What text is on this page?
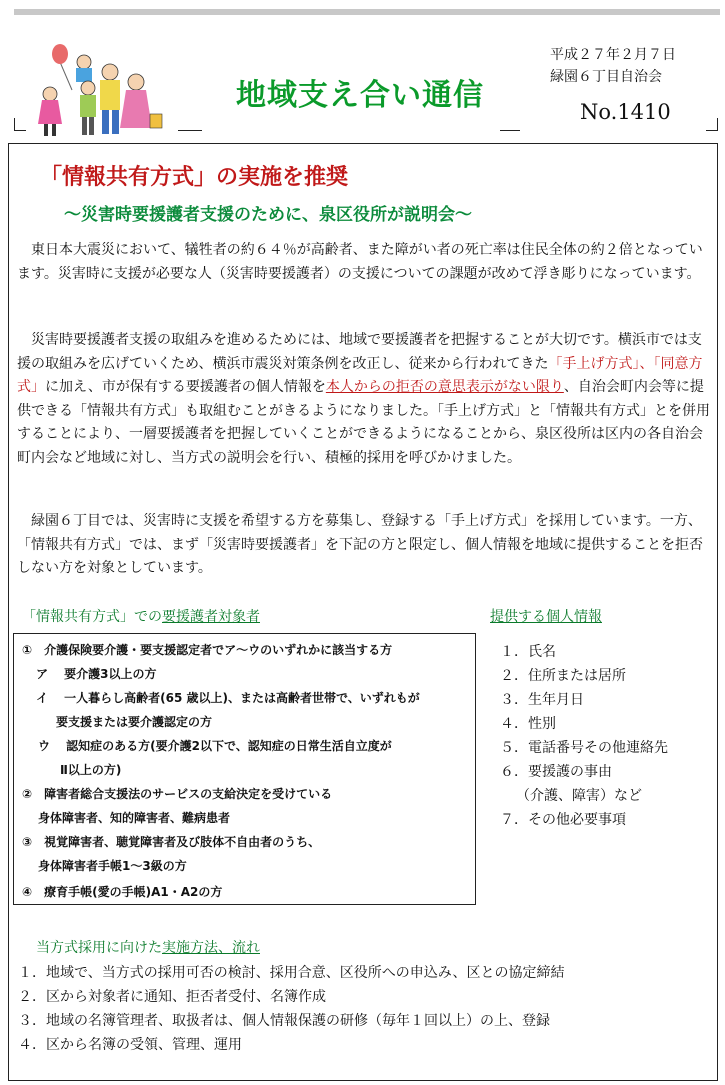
地域支え合い通信
平成２７年２月７日
緑園６丁目自治会
No.1410
「情報共有方式」の実施を推奨
～災害時要援護者支援のために、泉区役所が説明会～

東日本大震災において、犠牲者の約６４％が高齢者、また障がい者の死亡率は住民全体の約２倍となっています。災害時に支援が必要な人（災害時要援護者）の支援についての課題が改めて浮き彫りになっています。

災害時要援護者支援の取組みを進めるためには、地域で要援護者を把握することが大切です。横浜市では支援の取組みを広げていくため、横浜市震災対策条例を改正し、従来から行われてきた「手上げ方式」、「同意方式」に加え、市が保有する要援護者の個人情報を本人からの拒否の意思表示がない限り、自治会町内会等に提供できる「情報共有方式」も取組むことがきるようになりました。「手上げ方式」と「情報共有方式」とを併用することにより、一層要援護者を把握していくことができるようになることから、泉区役所は区内の各自治会町内会など地域に対し、当方式の説明会を行い、積極的採用を呼びかけました。

緑園６丁目では、災害時に支援を希望する方を募集し、登録する「手上げ方式」を採用しています。一方、「情報共有方式」では、まず「災害時要援護者」を下記の方と限定し、個人情報を地域に提供することを拒否しない方を対象としています。

「情報共有方式」での要援護者対象者	提供する個人情報
①　介護保険要介護・要支援認定者でア～ウのいずれかに該当する方
ア　 要介護3以上の方
イ　 一人暮らし高齢者(65 歳以上)、または高齢者世帯で、いずれもが
要支援または要介護認定の方
ウ　 認知症のある方(要介護2以下で、認知症の日常生活自立度が
Ⅱ以上の方)
②　障害者総合支援法のサービスの支給決定を受けている
身体障害者、知的障害者、難病患者
③　視覚障害者、聴覚障害者及び肢体不自由者のうち、
身体障害者手帳1～3級の方
④　療育手帳(愛の手帳)A1・A2の方
１．氏名
２．住所または居所
３．生年月日
４．性別
５．電話番号その他連絡先
６．要援護の事由
（介護、障害）など
７．その他必要事項
当方式採用に向けた実施方法、流れ
１．地域で、当方式の採用可否の検討、採用合意、区役所への申込み、区との協定締結
２．区から対象者に通知、拒否者受付、名簿作成
３．地域の名簿管理者、取扱者は、個人情報保護の研修（毎年１回以上）の上、登録
４．区から名簿の受領、管理、運用
